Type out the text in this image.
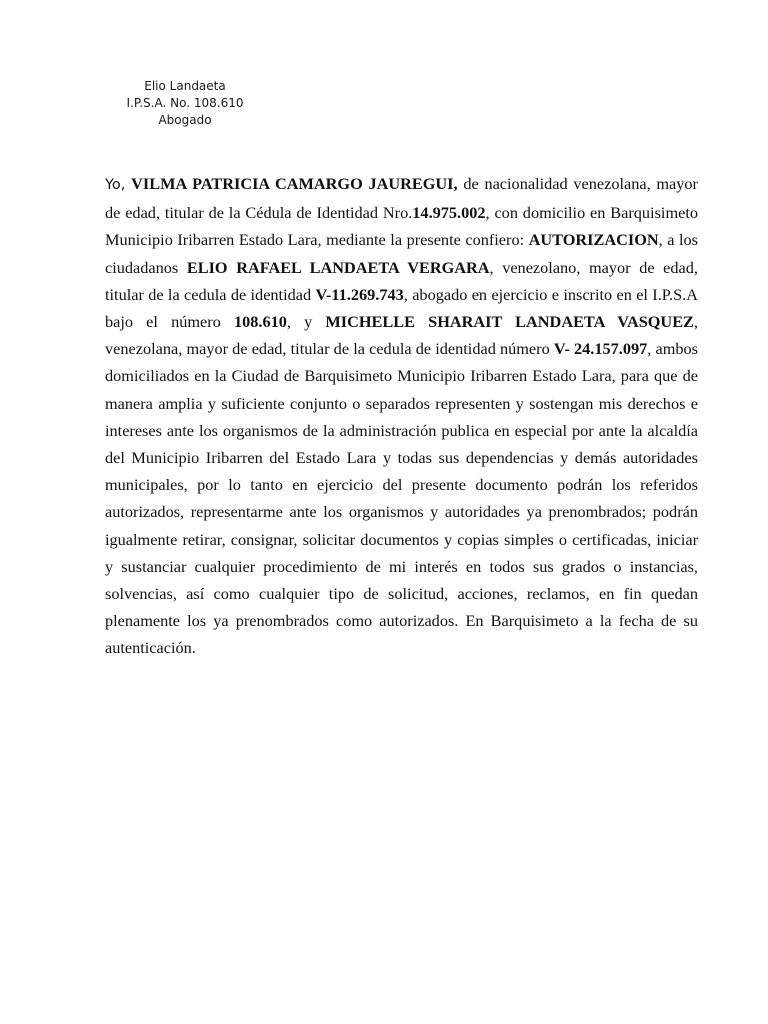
Elio Landaeta
I.P.S.A. No. 108.610
Abogado

Yo, VILMA PATRICIA CAMARGO JAUREGUI, de nacionalidad venezolana, mayor de edad, titular de la Cédula de Identidad Nro.14.975.002, con domicilio en Barquisimeto Municipio Iribarren Estado Lara, mediante la presente confiero: AUTORIZACION, a los ciudadanos ELIO RAFAEL LANDAETA VERGARA, venezolano, mayor de edad, titular de la cedula de identidad V-11.269.743, abogado en ejercicio e inscrito en el I.P.S.A bajo el número 108.610, y MICHELLE SHARAIT LANDAETA VASQUEZ, venezolana, mayor de edad, titular de la cedula de identidad número V- 24.157.097, ambos domiciliados en la Ciudad de Barquisimeto Municipio Iribarren Estado Lara, para que de manera amplia y suficiente conjunto o separados representen y sostengan mis derechos e intereses ante los organismos de la administración publica en especial por ante la alcaldía del Municipio Iribarren del Estado Lara y todas sus dependencias y demás autoridades municipales, por lo tanto en ejercicio del presente documento podrán los referidos autorizados, representarme ante los organismos y autoridades ya prenombrados; podrán igualmente retirar, consignar, solicitar documentos y copias simples o certificadas, iniciar y sustanciar cualquier procedimiento de mi interés en todos sus grados o instancias, solvencias, así como cualquier tipo de solicitud, acciones, reclamos, en fin quedan plenamente los ya prenombrados como autorizados. En Barquisimeto a la fecha de su autenticación.
